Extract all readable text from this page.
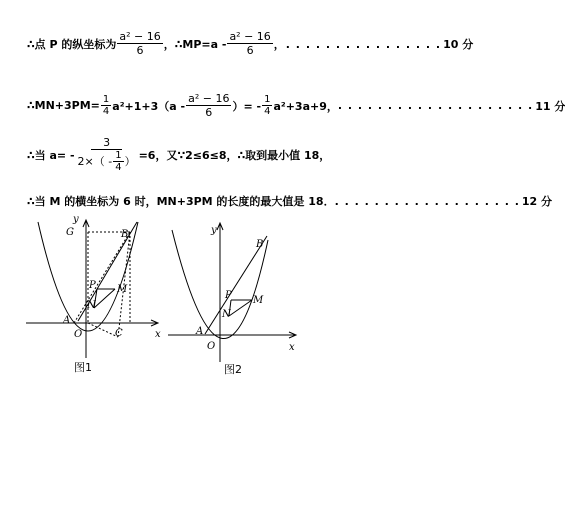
∴点 P 的纵坐标为 $\frac{\text{a² − 16}}{6}$ ，∴MP=a - $\frac{\text{a² − 16}}{6}$ ，. . . . . . . . . . . . . . . . 10 分
∴MN+3PM= $\frac{1}{4} a^2+1+3(a - \frac{\text{a² − 16}}{6}$ ）= - $\frac{1}{4} a^2+3a+9$， . . . . . . . . . . . . . . . . . . . . 11 分
∴当 $a= - \frac{3}{2\times( - \frac{1}{4} )} =6$，又∵2≤6≤8，∴取到最小值 18，
∴当 M 的横坐标为 6 时，MN+3PM 的长度的最大值是 18． . . . . . . . . . . . . . . . . . . . 12 分
y
x
G	B
P M
N
A
O	C
图1
y
x
B
P M
N
A
O
图2
